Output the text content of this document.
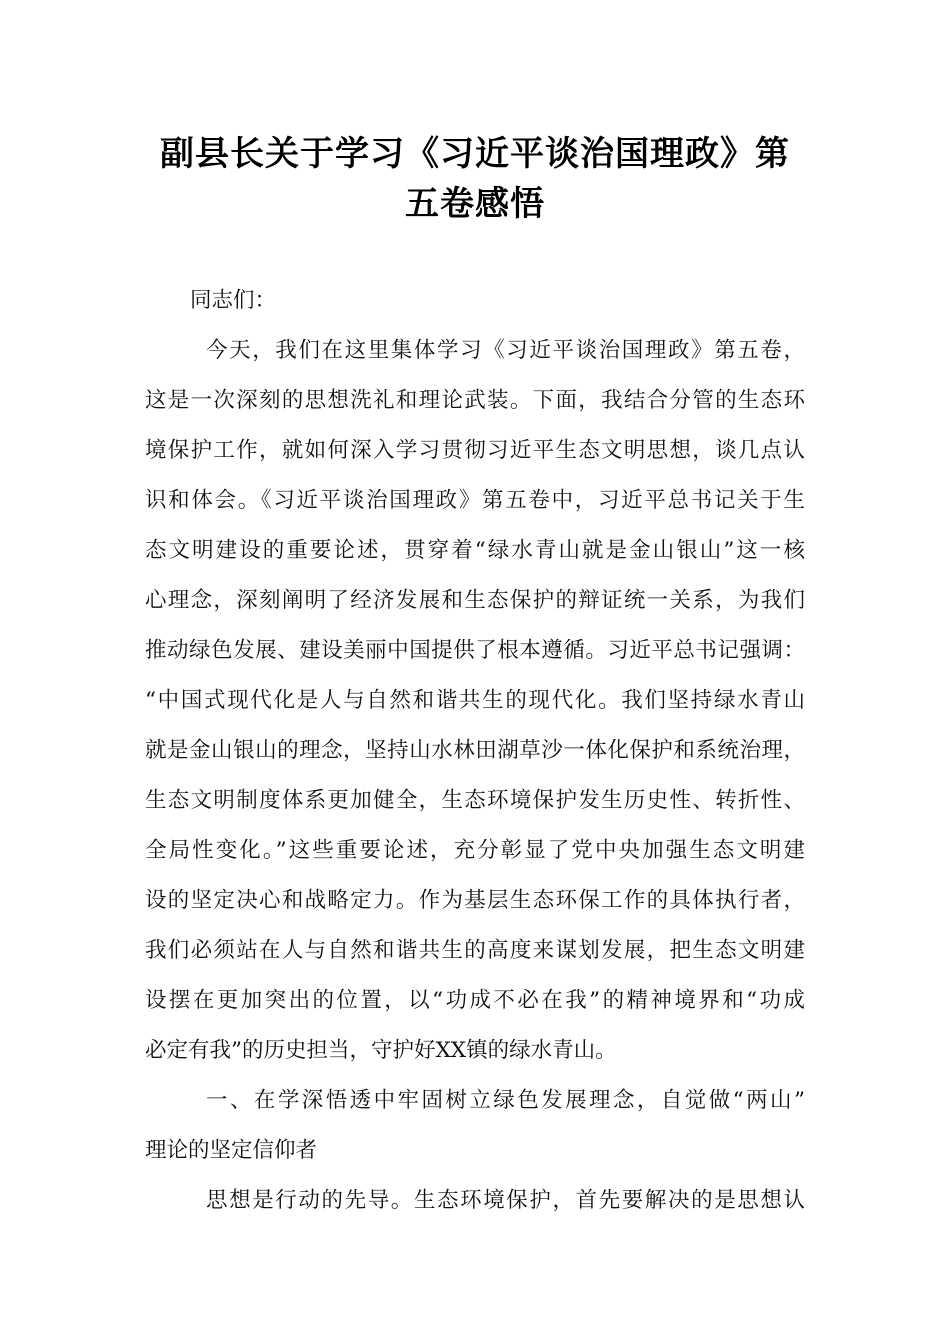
副县长关于学习《习近平谈治国理政》第
五卷感悟
同志们：
今天，我们在这里集体学习《习近平谈治国理政》第五卷，
这是一次深刻的思想洗礼和理论武装。下面，我结合分管的生态环
境保护工作，就如何深入学习贯彻习近平生态文明思想，谈几点认
识和体会。《习近平谈治国理政》第五卷中，习近平总书记关于生
态文明建设的重要论述，贯穿着“绿水青山就是金山银山”这一核
心理念，深刻阐明了经济发展和生态保护的辩证统一关系，为我们
推动绿色发展、建设美丽中国提供了根本遵循。习近平总书记强调：
“中国式现代化是人与自然和谐共生的现代化。我们坚持绿水青山
就是金山银山的理念，坚持山水林田湖草沙一体化保护和系统治理，
生态文明制度体系更加健全，生态环境保护发生历史性、转折性、
全局性变化。”这些重要论述，充分彰显了党中央加强生态文明建
设的坚定决心和战略定力。作为基层生态环保工作的具体执行者，
我们必须站在人与自然和谐共生的高度来谋划发展，把生态文明建
设摆在更加突出的位置，以“功成不必在我”的精神境界和“功成
必定有我”的历史担当，守护好XX镇的绿水青山。
一、在学深悟透中牢固树立绿色发展理念，自觉做“两山”
理论的坚定信仰者
思想是行动的先导。生态环境保护，首先要解决的是思想认
